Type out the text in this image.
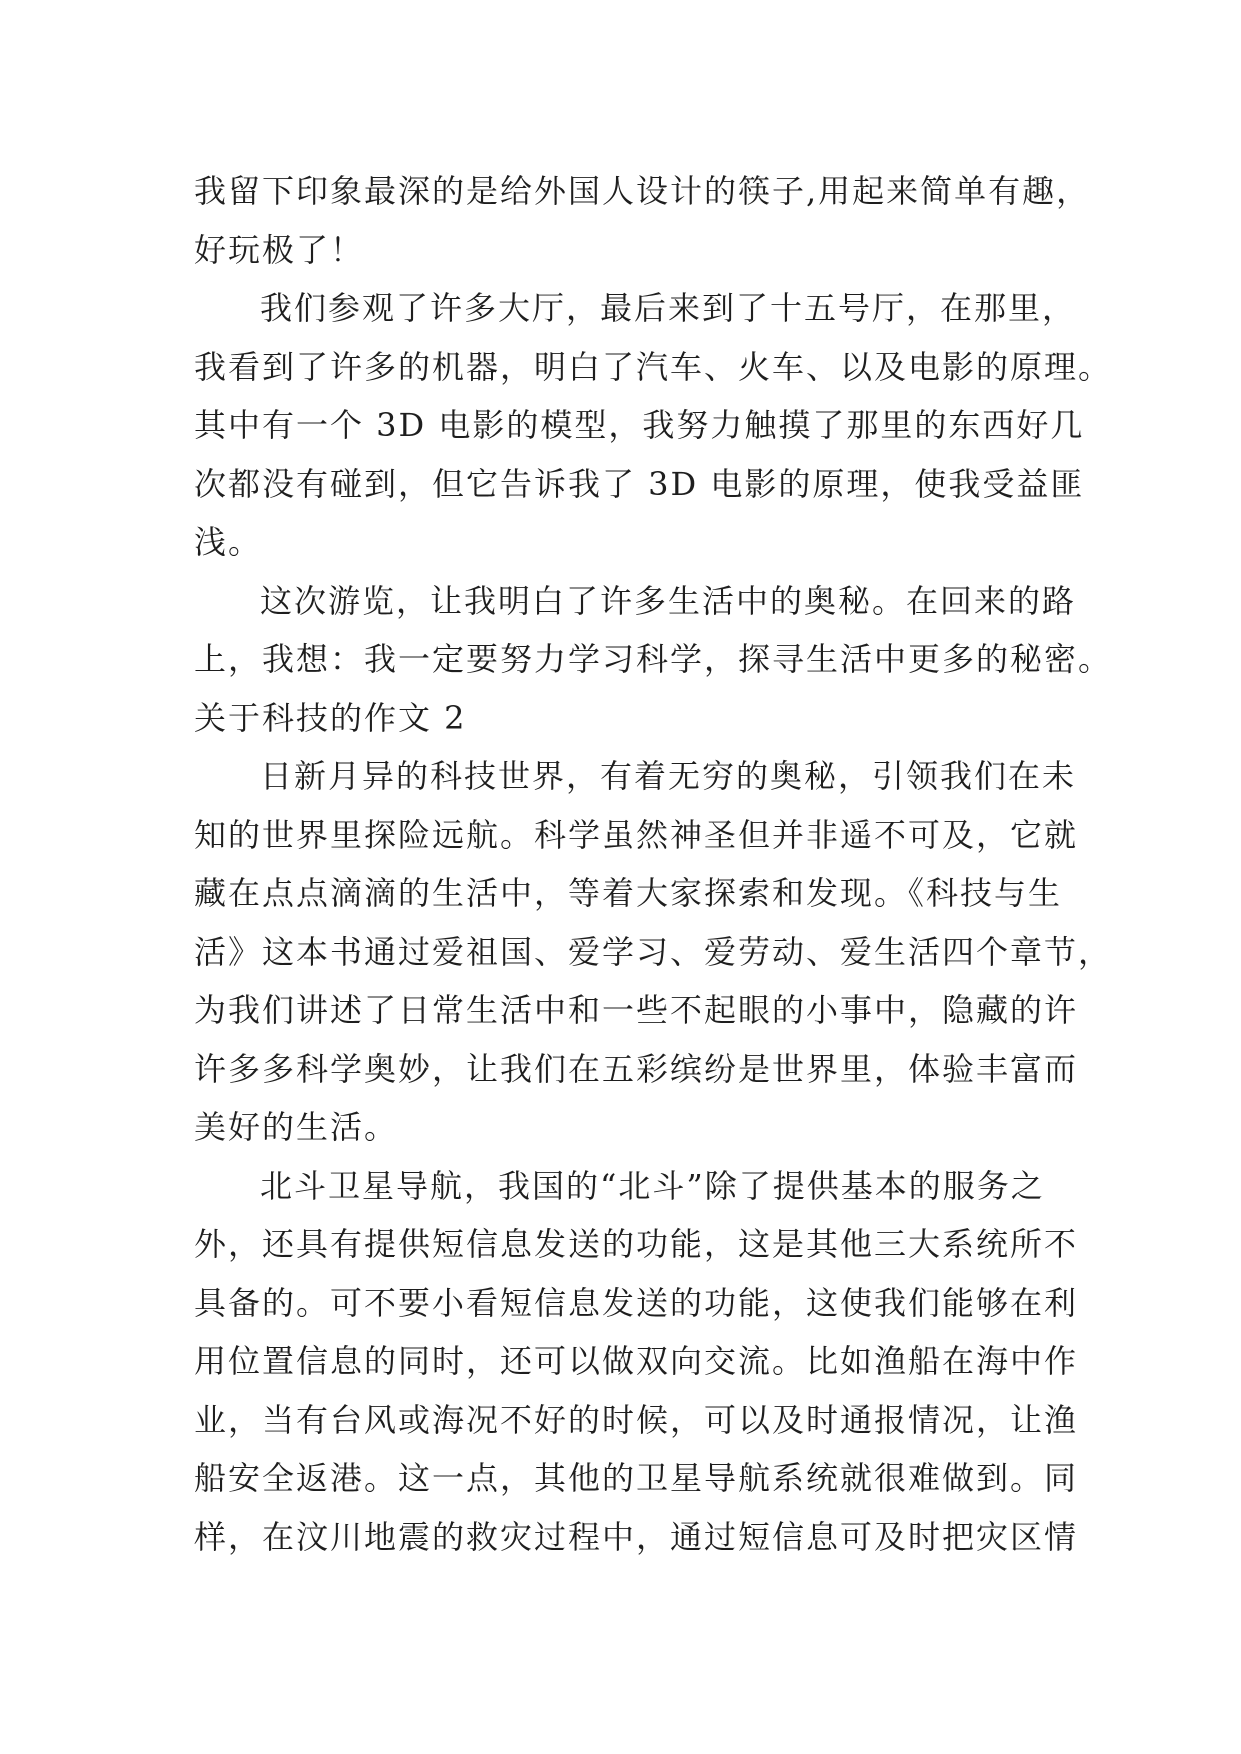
我留下印象最深的是给外国人设计的筷子,用起来简单有趣，
好玩极了！
我们参观了许多大厅，最后来到了十五号厅，在那里，
我看到了许多的机器，明白了汽车、火车、以及电影的原理。
其中有一个 3D 电影的模型，我努力触摸了那里的东西好几
次都没有碰到，但它告诉我了 3D 电影的原理，使我受益匪
浅。
这次游览，让我明白了许多生活中的奥秘。在回来的路
上，我想：我一定要努力学习科学，探寻生活中更多的秘密。
关于科技的作文 2
日新月异的科技世界，有着无穷的奥秘，引领我们在未
知的世界里探险远航。科学虽然神圣但并非遥不可及，它就
藏在点点滴滴的生活中，等着大家探索和发现。《科技与生
活》这本书通过爱祖国、爱学习、爱劳动、爱生活四个章节，
为我们讲述了日常生活中和一些不起眼的小事中，隐藏的许
许多多科学奥妙，让我们在五彩缤纷是世界里，体验丰富而
美好的生活。
北斗卫星导航，我国的“北斗”除了提供基本的服务之
外，还具有提供短信息发送的功能，这是其他三大系统所不
具备的。可不要小看短信息发送的功能，这使我们能够在利
用位置信息的同时，还可以做双向交流。比如渔船在海中作
业，当有台风或海况不好的时候，可以及时通报情况，让渔
船安全返港。这一点，其他的卫星导航系统就很难做到。同
样，在汶川地震的救灾过程中，通过短信息可及时把灾区情
